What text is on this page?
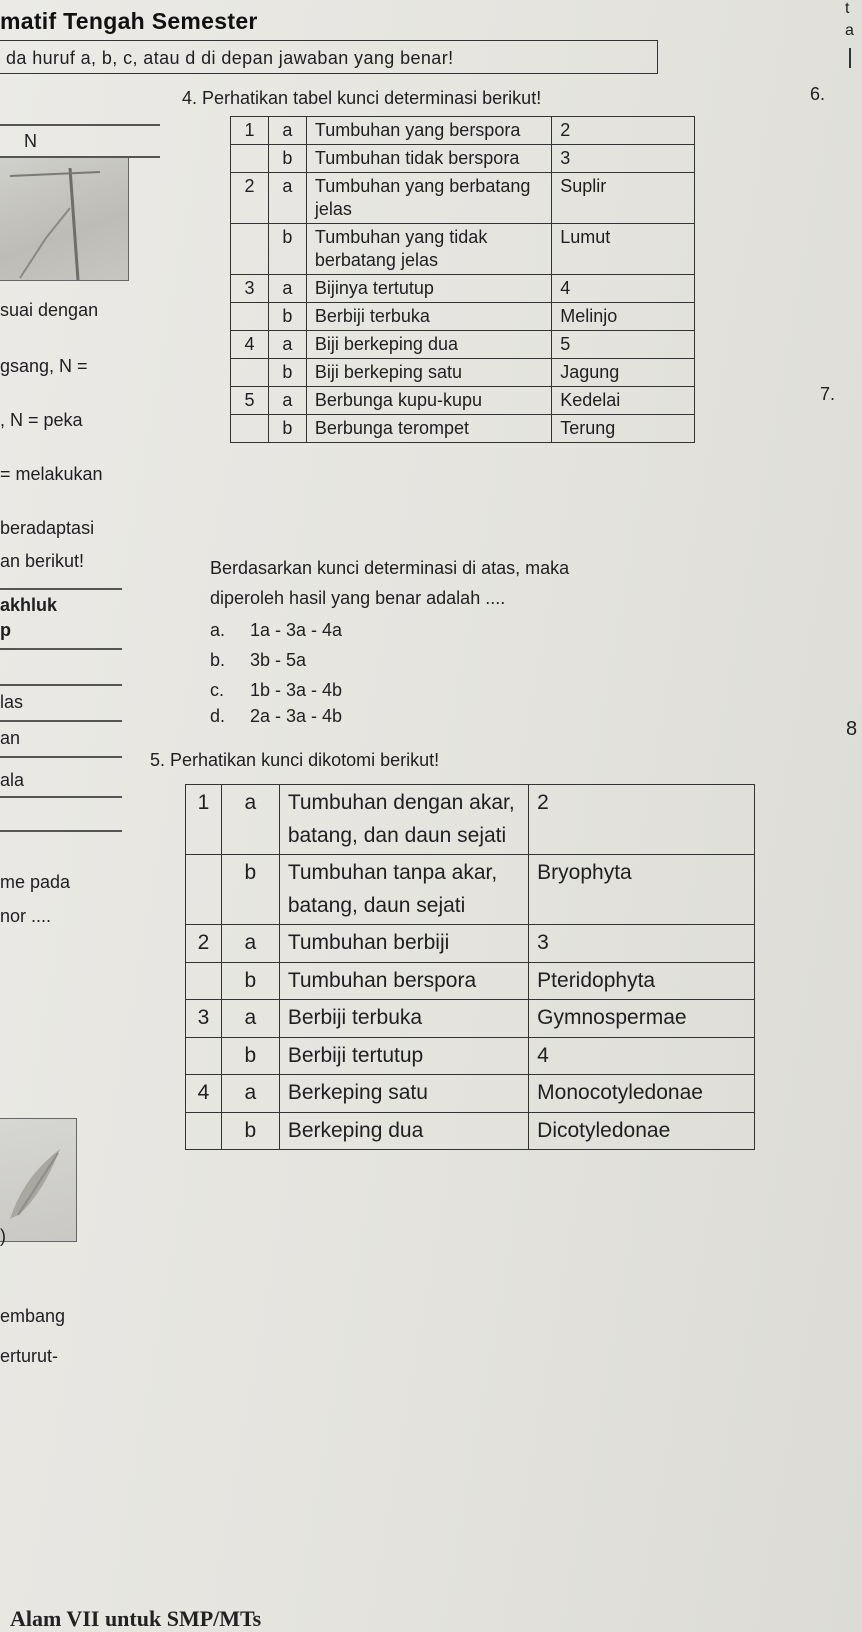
matif Tengah Semester
da huruf a, b, c, atau d di depan jawaban yang benar!
t
a
6.
7.
8
N
suai dengan
gsang, N =
, N = peka
= melakukan
beradaptasi
an berikut!
akhluk
p
las
an
ala
me pada
nor ....
)
embang
erturut-
4. Perhatikan tabel kunci determinasi berikut!
1	a	Tumbuhan yang berspora	2
	b	Tumbuhan tidak berspora	3
2	a	Tumbuhan yang berbatang jelas	Suplir
	b	Tumbuhan yang tidak berbatang jelas	Lumut
3	a	Bijinya tertutup	4
	b	Berbiji terbuka	Melinjo
4	a	Biji berkeping dua	5
	b	Biji berkeping satu	Jagung
5	a	Berbunga kupu-kupu	Kedelai
	b	Berbunga terompet	Terung
Berdasarkan kunci determinasi di atas, maka
diperoleh hasil yang benar adalah ....
a. 1a - 3a - 4a
b. 3b - 5a
c. 1b - 3a - 4b
d. 2a - 3a - 4b
5. Perhatikan kunci dikotomi berikut!
1	a	Tumbuhan dengan akar, batang, dan daun sejati	2
	b	Tumbuhan tanpa akar, batang, daun sejati	Bryophyta
2	a	Tumbuhan berbiji	3
	b	Tumbuhan berspora	Pteridophyta
3	a	Berbiji terbuka	Gymnospermae
	b	Berbiji tertutup	4
4	a	Berkeping satu	Monocotyledonae
	b	Berkeping dua	Dicotyledonae
Alam VII untuk SMP/MTs
